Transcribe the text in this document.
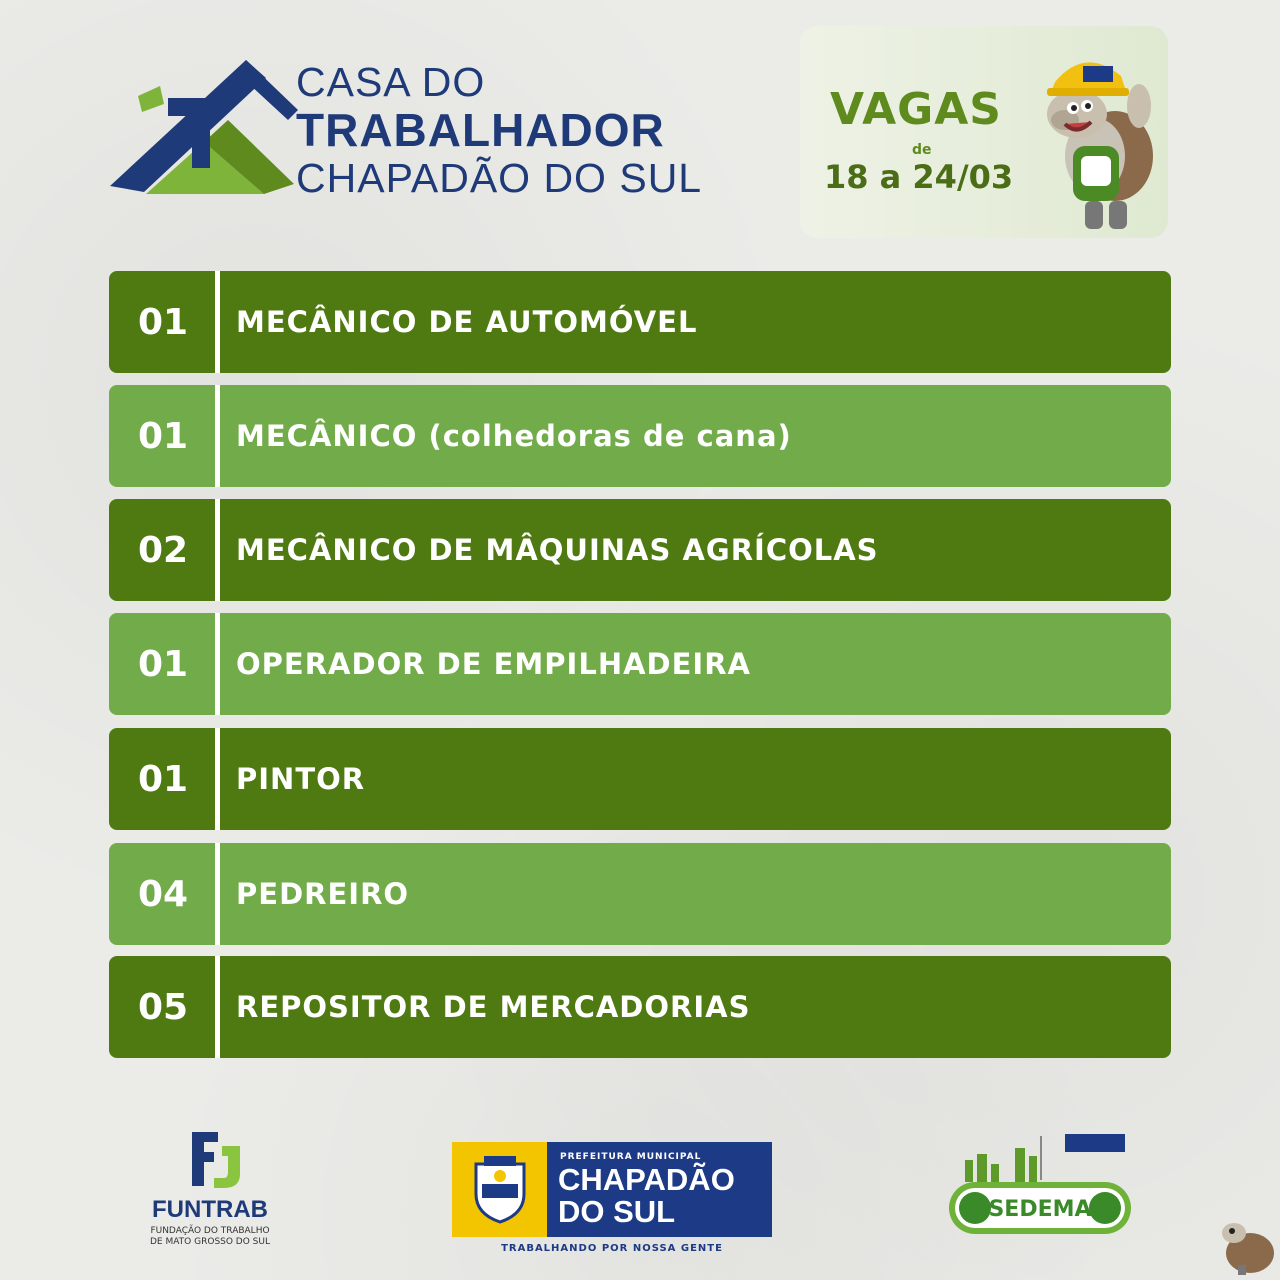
CASA DO
TRABALHADOR
CHAPADÃO DO SUL
VAGAS
de
18 a 24/03
01	MECÂNICO DE AUTOMÓVEL
01	MECÂNICO (colhedoras de cana)
02	MECÂNICO DE MÂQUINAS AGRÍCOLAS
01	OPERADOR DE EMPILHADEIRA
01	PINTOR
04	PEDREIRO
05	REPOSITOR DE MERCADORIAS
FUNTRAB
FUNDAÇÃO DO TRABALHO
DE MATO GROSSO DO SUL
PREFEITURA MUNICIPAL
CHAPADÃO
DO SUL
TRABALHANDO POR NOSSA GENTE
SEDEMA
